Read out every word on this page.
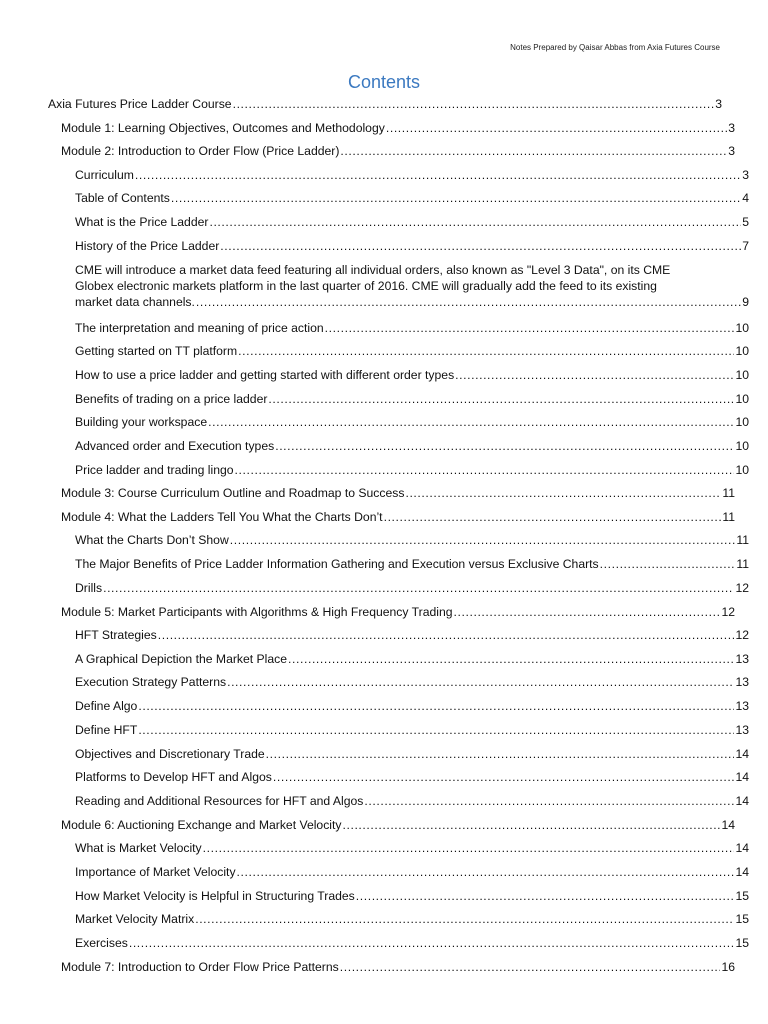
Notes Prepared by Qaisar Abbas from Axia Futures Course
Contents
Axia Futures Price Ladder Course .....	3
Module 1: Learning Objectives, Outcomes and Methodology .....	3
Module 2: Introduction to Order Flow (Price Ladder) .....	3
Curriculum .....	3
Table of Contents .....	4
What is the Price Ladder .....	5
History of the Price Ladder .....	7
CME will introduce a market data feed featuring all individual orders, also known as "Level 3 Data", on its CME
Globex electronic markets platform in the last quarter of 2016. CME will gradually add the feed to its existing
market data channels. .....	9
The interpretation and meaning of price action .....	10
Getting started on TT platform .....	10
How to use a price ladder and getting started with different order types .....	10
Benefits of trading on a price ladder .....	10
Building your workspace .....	10
Advanced order and Execution types .....	10
Price ladder and trading lingo .....	10
Module 3: Course Curriculum Outline and Roadmap to Success .....	11
Module 4: What the Ladders Tell You What the Charts Don’t .....	11
What the Charts Don’t Show .....	11
The Major Benefits of Price Ladder Information Gathering and Execution versus Exclusive Charts .....	11
Drills .....	12
Module 5: Market Participants with Algorithms & High Frequency Trading .....	12
HFT Strategies .....	12
A Graphical Depiction the Market Place .....	13
Execution Strategy Patterns .....	13
Define Algo .....	13
Define HFT .....	13
Objectives and Discretionary Trade .....	14
Platforms to Develop HFT and Algos .....	14
Reading and Additional Resources for HFT and Algos .....	14
Module 6: Auctioning Exchange and Market Velocity .....	14
What is Market Velocity .....	14
Importance of Market Velocity .....	14
How Market Velocity is Helpful in Structuring Trades .....	15
Market Velocity Matrix .....	15
Exercises .....	15
Module 7: Introduction to Order Flow Price Patterns .....	16
